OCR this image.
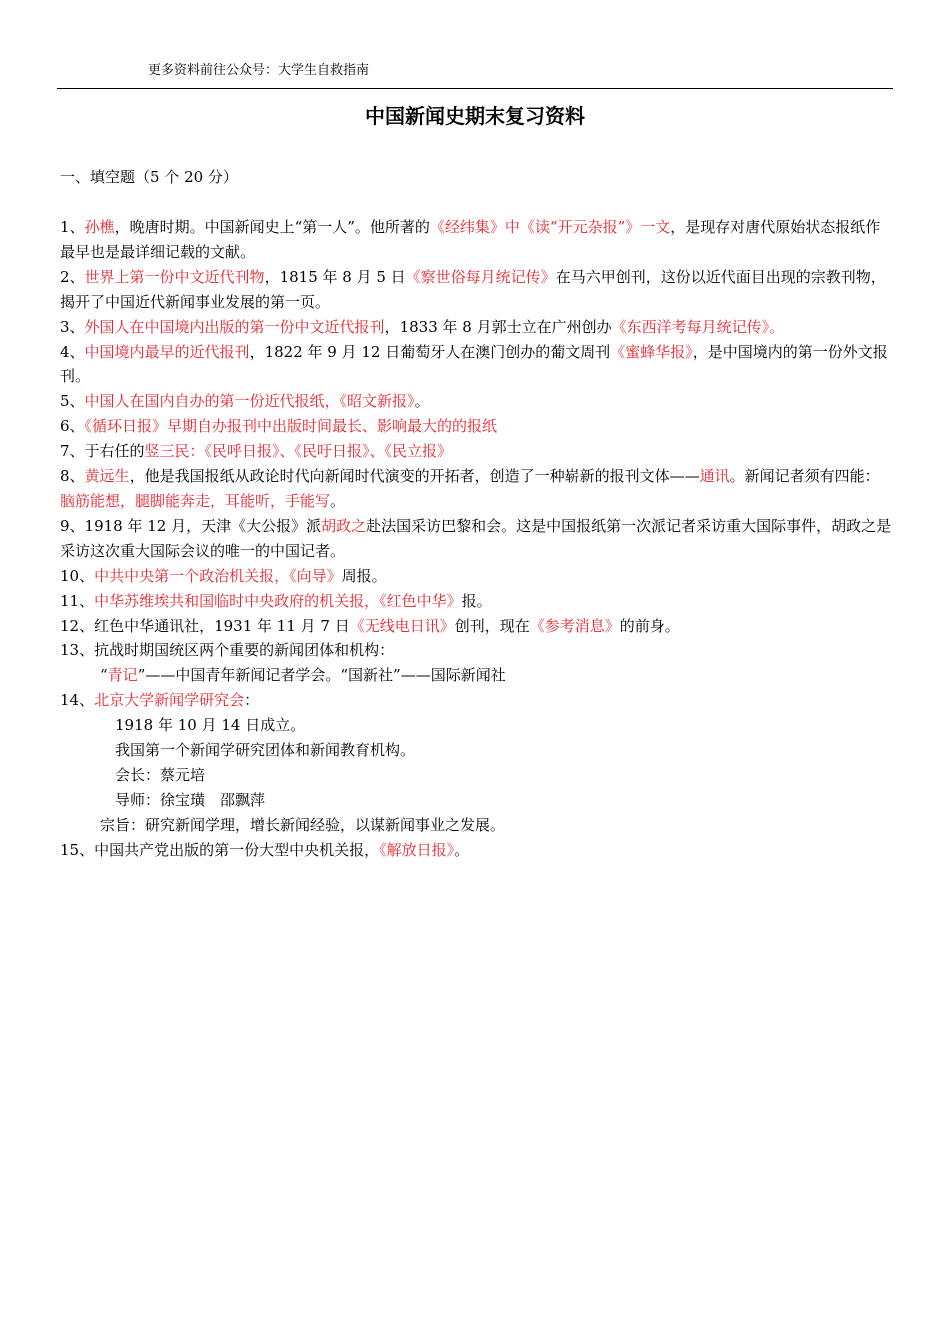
更多资料前往公众号：大学生自救指南
中国新闻史期末复习资料
一、填空题（5 个 20 分）
1、孙樵，晚唐时期。中国新闻史上“第一人”。他所著的《经纬集》中《读“开元杂报”》一文，是现存对唐代原始状态报纸作最早也是最详细记载的文献。
2、世界上第一份中文近代刊物，1815 年 8 月 5 日《察世俗每月统记传》在马六甲创刊，这份以近代面目出现的宗教刊物，揭开了中国近代新闻事业发展的第一页。
3、外国人在中国境内出版的第一份中文近代报刊，1833 年 8 月郭士立在广州创办《东西洋考每月统记传》。
4、中国境内最早的近代报刊，1822 年 9 月 12 日葡萄牙人在澳门创办的葡文周刊《蜜蜂华报》，是中国境内的第一份外文报刊。
5、中国人在国内自办的第一份近代报纸，《昭文新报》。
6、《循环日报》早期自办报刊中出版时间最长、影响最大的的报纸
7、于右任的竖三民：《民呼日报》、《民吁日报》、《民立报》
8、黄远生，他是我国报纸从政论时代向新闻时代演变的开拓者，创造了一种崭新的报刊文体——通讯。新闻记者须有四能：脑筋能想，腿脚能奔走，耳能听，手能写。
9、1918 年 12 月，天津《大公报》派胡政之赴法国采访巴黎和会。这是中国报纸第一次派记者采访重大国际事件，胡政之是采访这次重大国际会议的唯一的中国记者。
10、中共中央第一个政治机关报，《向导》周报。
11、中华苏维埃共和国临时中央政府的机关报，《红色中华》报。
12、红色中华通讯社，1931 年 11 月 7 日《无线电日讯》创刊，现在《参考消息》的前身。
13、抗战时期国统区两个重要的新闻团体和机构：
“青记”——中国青年新闻记者学会。“国新社”——国际新闻社
14、北京大学新闻学研究会：
1918 年 10 月 14 日成立。
我国第一个新闻学研究团体和新闻教育机构。
会长：蔡元培
导师：徐宝璜　邵飘萍
宗旨：研究新闻学理，增长新闻经验，以谋新闻事业之发展。
15、中国共产党出版的第一份大型中央机关报，《解放日报》。
